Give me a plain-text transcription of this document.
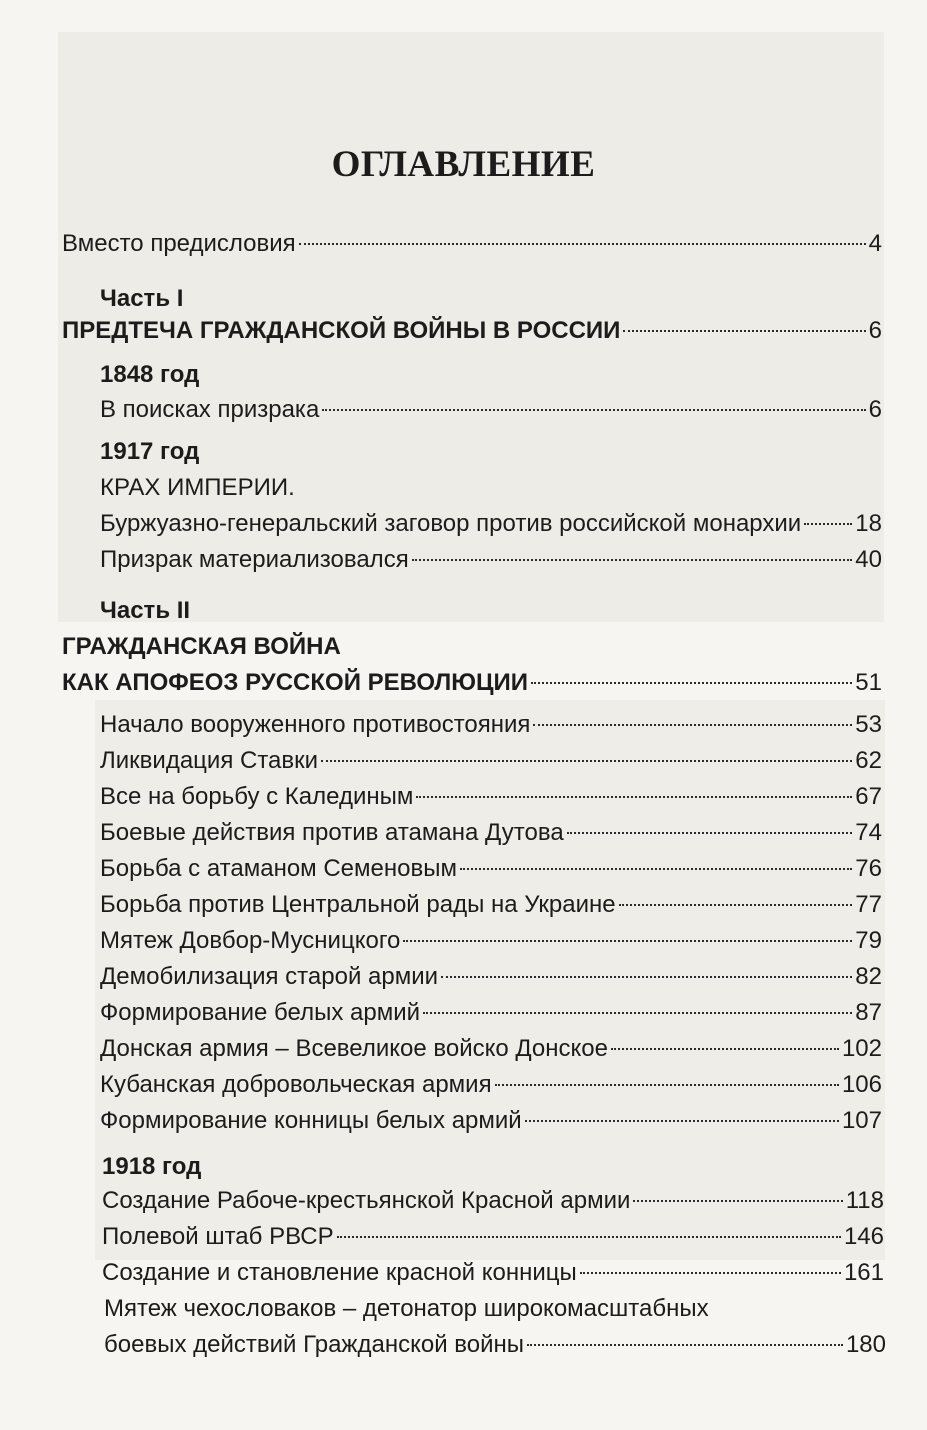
ОГЛАВЛЕНИЕ
Вместо предисловия	4
Часть I
ПРЕДТЕЧА ГРАЖДАНСКОЙ ВОЙНЫ В РОССИИ	6
1848 год
В поисках призрака	6
1917 год
КРАХ ИМПЕРИИ.
Буржуазно-генеральский заговор против российской монархии 18
Призрак материализовался	40
Часть II
ГРАЖДАНСКАЯ ВОЙНА
КАК АПОФЕОЗ РУССКОЙ РЕВОЛЮЦИИ	51
Начало вооруженного противостояния	53
Ликвидация Ставки	62
Все на борьбу с Калединым	67
Боевые действия против атамана Дутова	74
Борьба с атаманом Семеновым	76
Борьба против Центральной рады на Украине	77
Мятеж Довбор-Мусницкого	79
Демобилизация старой армии	82
Формирование белых армий	87
Донская армия – Всевеликое войско Донское	102
Кубанская добровольческая армия	106
Формирование конницы белых армий	107
1918 год
Создание Рабоче-крестьянской Красной армии	118
Полевой штаб РВСР	146
Создание и становление красной конницы	161
Мятеж чехословаков – детонатор широкомасштабных
боевых действий Гражданской войны	180
